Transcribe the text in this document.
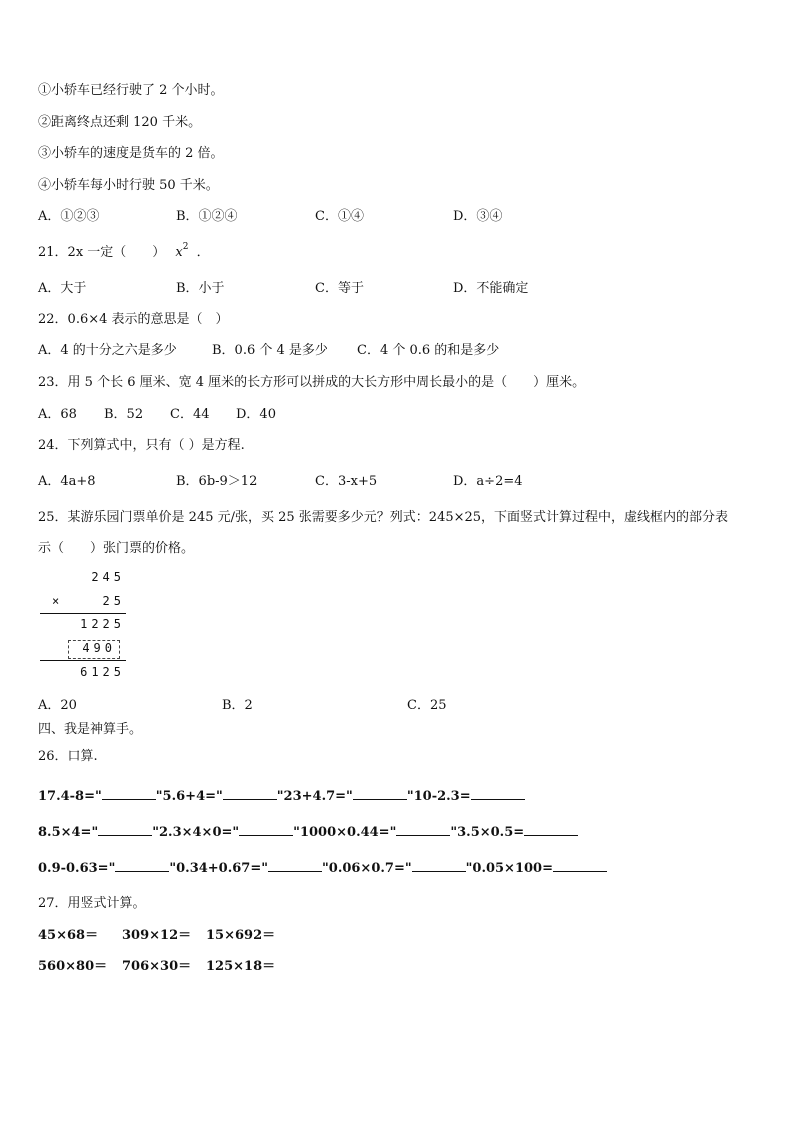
①小轿车已经行驶了 2 个小时。
②距离终点还剩 120 千米。
③小轿车的速度是货车的 2 倍。
④小轿车每小时行驶 50 千米。
A．①②③	B．①②④	C．①④	D．③④
21．2x 一定（　　） $x^2$ ．
A．大于	B．小于	C．等于	D．不能确定
22．0.6×4 表示的意思是（　）
A．4 的十分之六是多少	B．0.6 个 4 是多少 C．4 个 0.6 的和是多少
23．用 5 个长 6 厘米、宽 4 厘米的长方形可以拼成的大长方形中周长最小的是（　　）厘米。
A．68 B．52 C．44 D．40
24．下列算式中，只有（ ）是方程.
A．4a+8	B．6b-9＞12	C．3-x+5	D．a÷2=4
25．某游乐园门票单价是 245 元/张，买 25 张需要多少元？列式：245×25，下面竖式计算过程中，虚线框内的部分表
示（　　）张门票的价格。
245
×	25
1225
490
6125
A．20	B．2	C．25
四、我是神算手。
26．口算.
17.4-8="	"5.6+4="	"23+4.7="	"10-2.3=
8.5×4="	"2.3×4×0="	"1000×0.44="	"3.5×0.5=
0.9-0.63="	"0.34+0.67="	"0.06×0.7="	"0.05×100=
27．用竖式计算。
45×68＝ 309×12＝ 15×692＝
560×80＝ 706×30＝ 125×18＝
